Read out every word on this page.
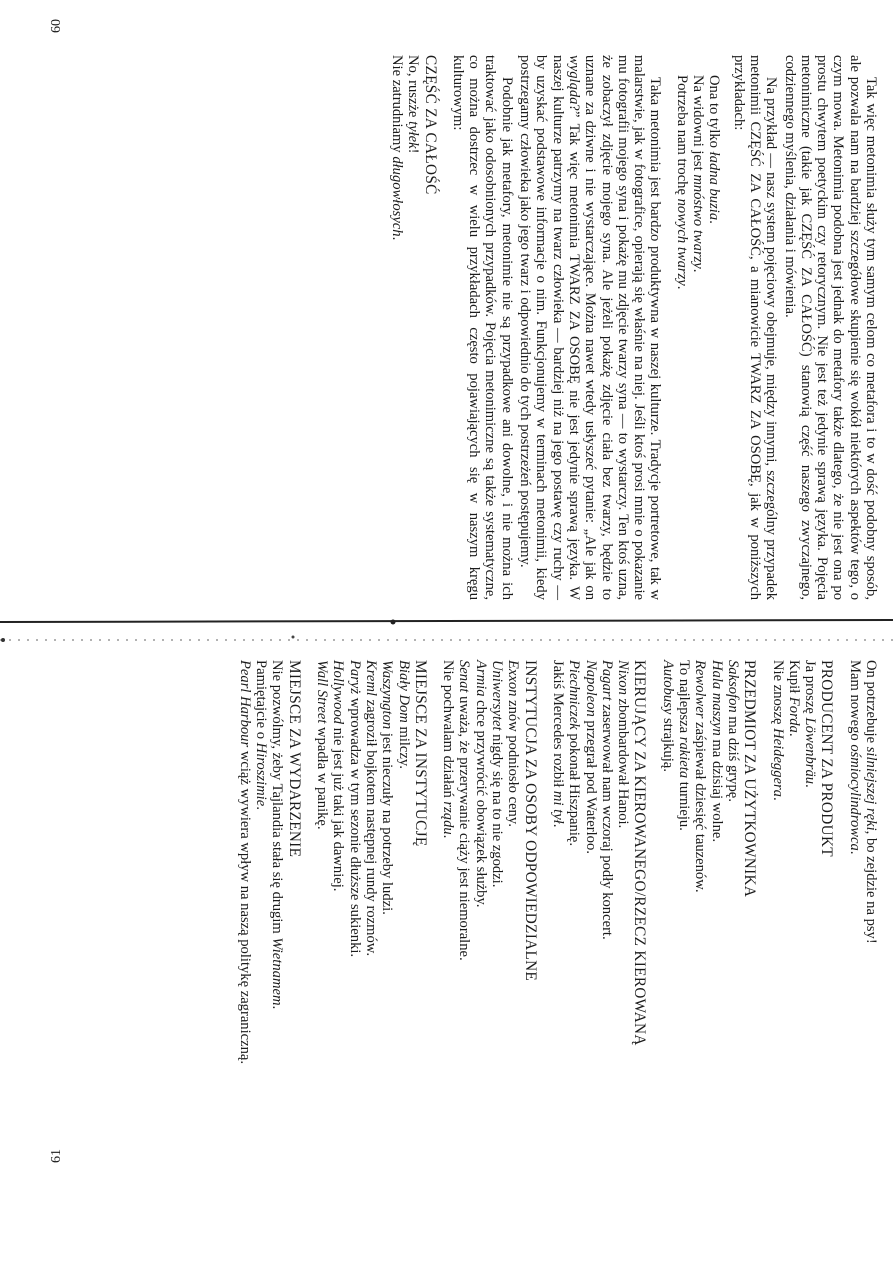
Tak więc metonimia służy tym samym celom co metafora i to w dość podobny sposób, ale pozwala nam na bardziej szczegółowe skupienie się wokół niektórych aspektów tego, o czym mowa. Metonimia podobna jest jednak do metafory także dlatego, że nie jest ona po prostu chwytem poetyckim czy retorycznym. Nie jest też jedynie sprawą języka. Pojęcia metonimiczne (takie jak CZĘŚĆ ZA CAŁOŚĆ) stanowią część naszego zwyczajnego, codziennego myślenia, działania i mówienia.

Na przykład — nasz system pojęciowy obejmuje, między innymi, szczególny przypadek metonimii CZĘŚĆ ZA CAŁOŚĆ, a mianowicie TWARZ ZA OSOBĘ, jak w poniższych przykładach:

Ona to tylko ładna buzia.

Na widowni jest mnóstwo twarzy.

Potrzeba nam trochę nowych twarzy.

Taka metonimia jest bardzo produktywna w naszej kulturze. Tradycje portretowe, tak w malarstwie, jak w fotografice, opierają się właśnie na niej. Jeśli ktoś prosi mnie o pokazanie mu fotografii mojego syna i pokażę mu zdjęcie twarzy syna — to wystarczy. Ten ktoś uzna, że zobaczył zdjęcie mojego syna. Ale jeżeli pokażę zdjęcie ciała bez twarzy, będzie to uznane za dziwne i nie wystarczające. Można nawet wtedy usłyszeć pytanie: „Ale jak on wygląda?” Tak więc metonimia TWARZ ZA OSOBĘ nie jest jedynie sprawą języka. W naszej kulturze patrzymy na twarz człowieka — bardziej niż na jego postawę czy ruchy — by uzyskać podstawowe informacje o nim. Funkcjonujemy w terminach metonimii, kiedy postrzegamy człowieka jako jego twarz i odpowiednio do tych postrzeżeń postępujemy.

Podobnie jak metafory, metonimie nie są przypadkowe ani dowolne, i nie można ich traktować jako odosobnionych przypadków. Pojęcia metonimiczne są także systematyczne, co można dostrzec w wielu przykładach często pojawiających się w naszym kręgu kulturowym:

CZĘŚĆ ZA CAŁOŚĆ

No, ruszże tyłek!

Nie zatrudniamy długowłosych.

60

On potrzebuje silniejszej ręki, bo zejdzie na psy!

Mam nowego ośmiocylindrowca.

PRODUCENT ZA PRODUKT

Ja proszę Löwenbräu.

Kupił Forda.

Nie znoszę Heideggera.

PRZEDMIOT ZA UŻYTKOWNIKA

Saksofon ma dziś grypę.

Hala maszyn ma dzisiaj wolne.

Rewolwer zaśpiewał dziesięć tauzenów.

To najlepsza rakieta turnieju.

Autobusy strajkują.

KIERUJĄCY ZA KIEROWANEGO/RZECZ KIEROWANĄ

Nixon zbombardował Hanoi.

Pagart zaserwował nam wczoraj podły koncert.

Napoleon przegrał pod Waterloo.

Piechniczek pokonał Hiszpanię.

Jakiś Mercedes rozbił mi tył.

INSTYTUCJA ZA OSOBY ODPOWIEDZIALNE

Exxon znów podniosło ceny.

Uniwersytet nigdy się na to nie zgodzi.

Armia chce przywrócić obowiązek służby.

Senat uważa, że przerywanie ciąży jest niemoralne.

Nie pochwalam działań rządu.

MIEJSCE ZA INSTYTUCJĘ

Biały Dom milczy.

Waszyngton jest nieczuły na potrzeby ludzi.

Kreml zagroził bojkotem następnej rundy rozmów.

Paryż wprowadza w tym sezonie dłuższe sukienki.

Hollywood nie jest już taki jak dawniej.

Wall Street wpadła w panikę.

MIEJSCE ZA WYDARZENIE

Nie pozwólmy, żeby Tajlandia stała się drugim Wietnamem.

Pamiętajcie o Hiroszimie.

Pearl Harbour wciąż wywiera wpływ na naszą politykę zagraniczną.

61
